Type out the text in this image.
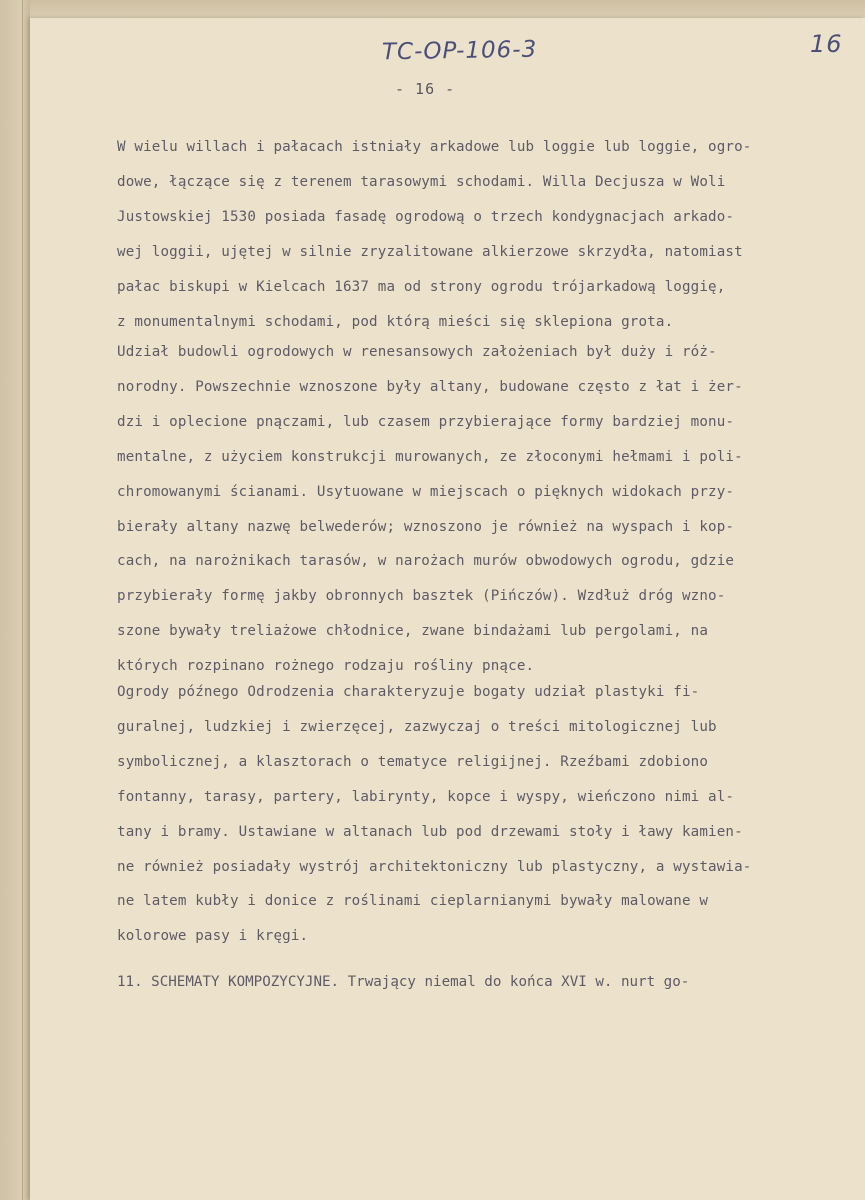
TC-OP-106-3	16
- 16 -
W wielu willach i pałacach istniały arkadowe lub loggie lub loggie, ogro-
dowe, łączące się z terenem tarasowymi schodami. Willa Decjusza w Woli
Justowskiej 1530 posiada fasadę ogrodową o trzech kondygnacjach arkado-
wej loggii, ujętej w silnie zryzalitowane alkierzowe skrzydła, natomiast
pałac biskupi w Kielcach 1637 ma od strony ogrodu trójarkadową loggię,
z monumentalnymi schodami, pod którą mieści się sklepiona grota.
Udział budowli ogrodowych w renesansowych założeniach był duży i róż-
norodny. Powszechnie wznoszone były altany, budowane często z łat i żer-
dzi i oplecione pnączami, lub czasem przybierające formy bardziej monu-
mentalne, z użyciem konstrukcji murowanych, ze złoconymi hełmami i poli-
chromowanymi ścianami. Usytuowane w miejscach o pięknych widokach przy-
bierały altany nazwę belwederów; wznoszono je również na wyspach i kop-
cach, na narożnikach tarasów, w narożach murów obwodowych ogrodu, gdzie
przybierały formę jakby obronnych basztek (Pińczów). Wzdłuż dróg wzno-
szone bywały treliażowe chłodnice, zwane bindażami lub pergolami, na
których rozpinano rożnego rodzaju rośliny pnące.
Ogrody późnego Odrodzenia charakteryzuje bogaty udział plastyki fi-
guralnej, ludzkiej i zwierzęcej, zazwyczaj o treści mitologicznej lub
symbolicznej, a klasztorach o tematyce religijnej. Rzeźbami zdobiono
fontanny, tarasy, partery, labirynty, kopce i wyspy, wieńczono nimi al-
tany i bramy. Ustawiane w altanach lub pod drzewami stoły i ławy kamien-
ne również posiadały wystrój architektoniczny lub plastyczny, a wystawia-
ne latem kubły i donice z roślinami cieplarnianymi bywały malowane w
kolorowe pasy i kręgi.
11. SCHEMATY KOMPOZYCYJNE. Trwający niemal do końca XVI w. nurt go-
